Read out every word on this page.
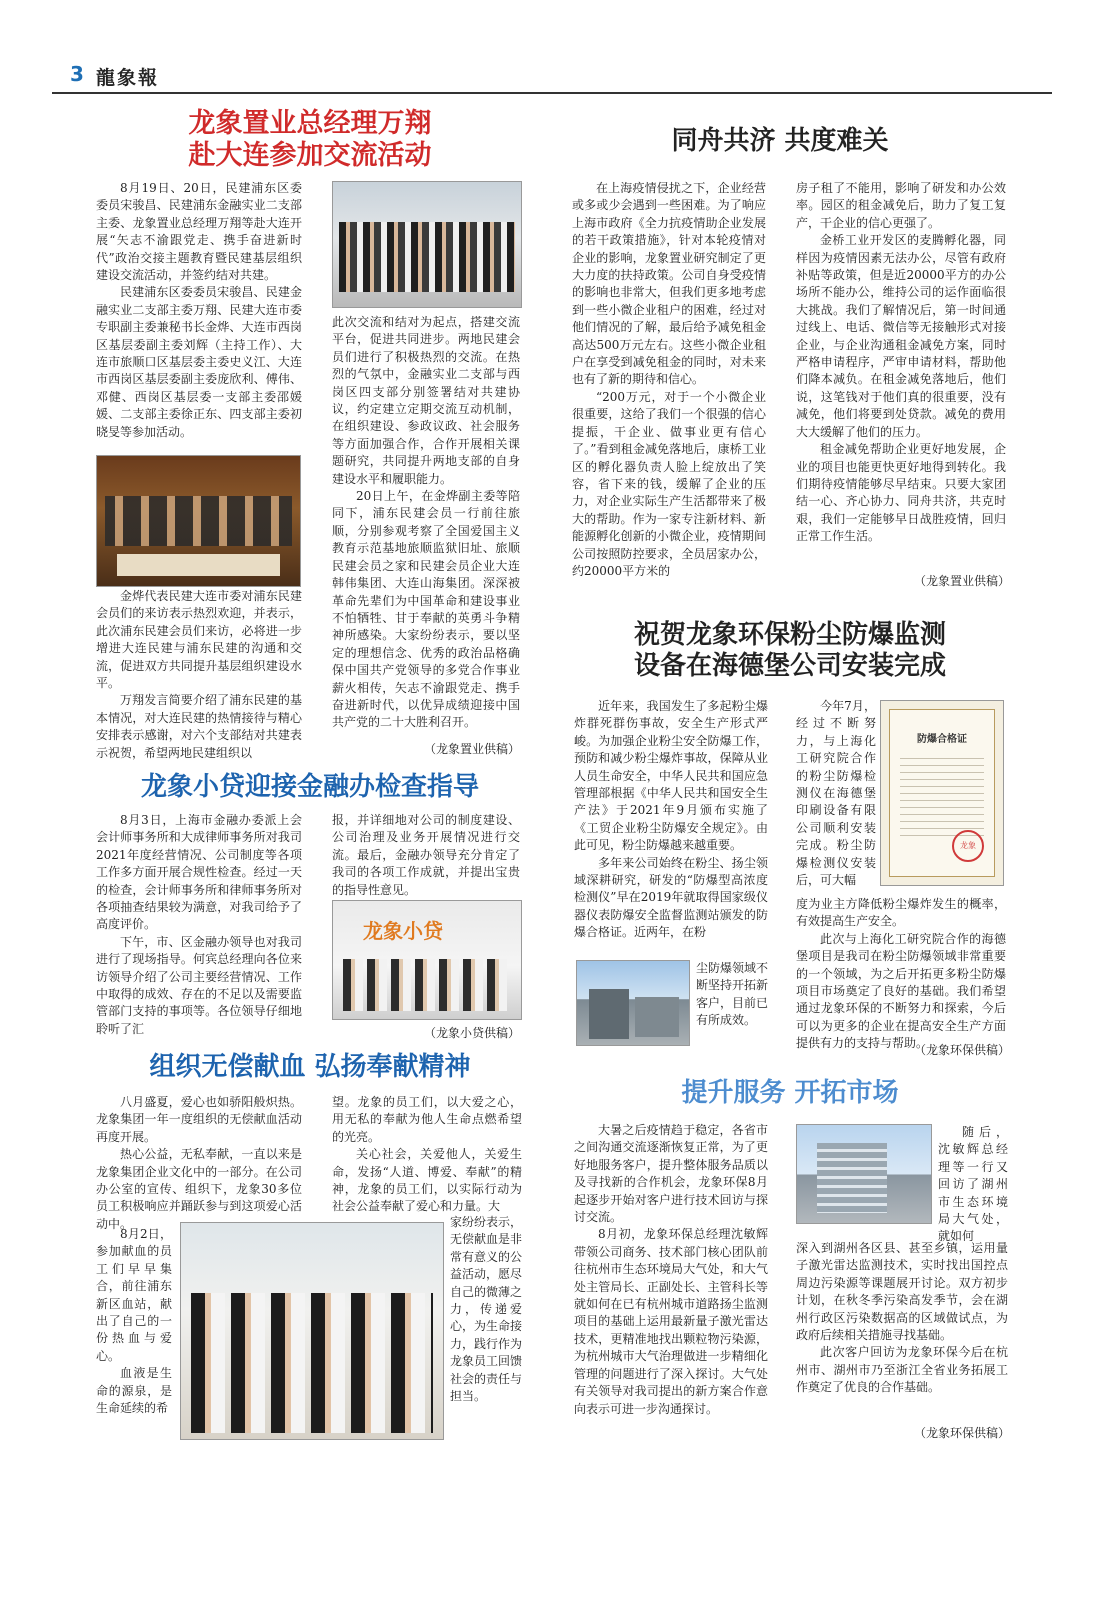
3 龍象報
龙象置业总经理万翔
赴大连参加交流活动

8月19日、20日，民建浦东区委委员宋骏昌、民建浦东金融实业二支部主委、龙象置业总经理万翔等赴大连开展“矢志不渝跟党走、携手奋进新时代”政治交接主题教育暨民建基层组织建设交流活动，并签约结对共建。

民建浦东区委委员宋骏昌、民建金融实业二支部主委万翔、民建大连市委专职副主委兼秘书长金烨、大连市西岗区基层委副主委刘辉（主持工作）、大连市旅顺口区基层委主委史义江、大连市西岗区基层委副主委庞欣利、傅伟、邓健、西岗区基层委一支部主委邵媛媛、二支部主委徐正东、四支部主委初晓旻等参加活动。

金烨代表民建大连市委对浦东民建会员们的来访表示热烈欢迎，并表示，此次浦东民建会员们来访，必将进一步增进大连民建与浦东民建的沟通和交流，促进双方共同提升基层组织建设水平。

万翔发言简要介绍了浦东民建的基本情况，对大连民建的热情接待与精心安排表示感谢，对六个支部结对共建表示祝贺，希望两地民建组织以

此次交流和结对为起点，搭建交流平台，促进共同进步。两地民建会员们进行了积极热烈的交流。在热烈的气氛中，金融实业二支部与西岗区四支部分别签署结对共建协议，约定建立定期交流互动机制，在组织建设、参政议政、社会服务等方面加强合作，合作开展相关课题研究，共同提升两地支部的自身建设水平和履职能力。

20日上午，在金烨副主委等陪同下，浦东民建会员一行前往旅顺，分别参观考察了全国爱国主义教育示范基地旅顺监狱旧址、旅顺民建会员之家和民建会员企业大连韩伟集团、大连山海集团。深深被革命先辈们为中国革命和建设事业不怕牺牲、甘于奉献的英勇斗争精神所感染。大家纷纷表示，要以坚定的理想信念、优秀的政治品格确保中国共产党领导的多党合作事业薪火相传，矢志不渝跟党走、携手奋进新时代，以优异成绩迎接中国共产党的二十大胜利召开。

（龙象置业供稿）

同舟共济 共度难关

在上海疫情侵扰之下，企业经营或多或少会遇到一些困难。为了响应上海市政府《全力抗疫情助企业发展的若干政策措施》，针对本轮疫情对企业的影响，龙象置业研究制定了更大力度的扶持政策。公司自身受疫情的影响也非常大，但我们更多地考虑到一些小微企业租户的困难，经过对他们情况的了解，最后给予减免租金高达500万元左右。这些小微企业租户在享受到减免租金的同时，对未来也有了新的期待和信心。

“200万元，对于一个小微企业很重要，这给了我们一个很强的信心提振，干企业、做事业更有信心了。”看到租金减免落地后，康桥工业区的孵化器负责人脸上绽放出了笑容，省下来的钱，缓解了企业的压力，对企业实际生产生活都带来了极大的帮助。作为一家专注新材料、新能源孵化创新的小微企业，疫情期间公司按照防控要求，全员居家办公，约20000平方米的

房子租了不能用，影响了研发和办公效率。园区的租金减免后，助力了复工复产，干企业的信心更强了。

金桥工业开发区的麦腾孵化器，同样因为疫情因素无法办公，尽管有政府补贴等政策，但是近20000平方的办公场所不能办公，维持公司的运作面临很大挑战。我们了解情况后，第一时间通过线上、电话、微信等无接触形式对接企业，与企业沟通租金减免方案，同时严格申请程序，严审申请材料，帮助他们降本减负。在租金减免落地后，他们说，这笔钱对于他们真的很重要，没有减免，他们将要到处贷款。减免的费用大大缓解了他们的压力。

租金减免帮助企业更好地发展，企业的项目也能更快更好地得到转化。我们期待疫情能够尽早结束。只要大家团结一心、齐心协力、同舟共济，共克时艰，我们一定能够早日战胜疫情，回归正常工作生活。

（龙象置业供稿）

祝贺龙象环保粉尘防爆监测
设备在海德堡公司安装完成

近年来，我国发生了多起粉尘爆炸群死群伤事故，安全生产形式严峻。为加强企业粉尘安全防爆工作，预防和减少粉尘爆炸事故，保障从业人员生命安全，中华人民共和国应急管理部根据《中华人民共和国安全生产法》于2021年9月颁布实施了《工贸企业粉尘防爆安全规定》。由此可见，粉尘防爆越来越重要。

多年来公司始终在粉尘、扬尘领域深耕研究，研发的“防爆型高浓度检测仪”早在2019年就取得国家级仪器仪表防爆安全监督监测站颁发的防爆合格证。近两年，在粉

尘防爆领域不断坚持开拓新客户，目前已有所成效。

今年7月，经过不断努力，与上海化工研究院合作的粉尘防爆检测仪在海德堡印刷设备有限公司顺利安装完成。粉尘防爆检测仪安装后，可大幅

防爆合格证
龙象

度为业主方降低粉尘爆炸发生的概率，有效提高生产安全。

此次与上海化工研究院合作的海德堡项目是我司在粉尘防爆领域非常重要的一个领域，为之后开拓更多粉尘防爆项目市场奠定了良好的基础。我们希望通过龙象环保的不断努力和探索，今后可以为更多的企业在提高安全生产方面提供有力的支持与帮助。

（龙象环保供稿）

龙象小贷迎接金融办检查指导

8月3日，上海市金融办委派上会会计师事务所和大成律师事务所对我司2021年度经营情况、公司制度等各项工作多方面开展合规性检查。经过一天的检查，会计师事务所和律师事务所对各项抽查结果较为满意，对我司给予了高度评价。

下午，市、区金融办领导也对我司进行了现场指导。何宾总经理向各位来访领导介绍了公司主要经营情况、工作中取得的成效、存在的不足以及需要监管部门支持的事项等。各位领导仔细地聆听了汇

报，并详细地对公司的制度建设、公司治理及业务开展情况进行交流。最后，金融办领导充分肯定了我司的各项工作成就，并提出宝贵的指导性意见。

龙象小贷

（龙象小贷供稿）

组织无偿献血 弘扬奉献精神

八月盛夏，爱心也如骄阳般炽热。龙象集团一年一度组织的无偿献血活动再度开展。

热心公益，无私奉献，一直以来是龙象集团企业文化中的一部分。在公司办公室的宣传、组织下，龙象30多位员工积极响应并踊跃参与到这项爱心活动中。

8月2日，参加献血的员工们早早集合，前往浦东新区血站，献出了自己的一份热血与爱心。

血液是生命的源泉，是生命延续的希

望。龙象的员工们，以大爱之心，用无私的奉献为他人生命点燃希望的光亮。

关心社会，关爱他人，关爱生命，发扬“人道、博爱、奉献”的精神，龙象的员工们，以实际行动为社会公益奉献了爱心和力量。大

家纷纷表示，无偿献血是非常有意义的公益活动，愿尽自己的微薄之力，传递爱心，为生命接力，践行作为龙象员工回馈社会的责任与担当。

提升服务 开拓市场

大暑之后疫情趋于稳定，各省市之间沟通交流逐渐恢复正常，为了更好地服务客户，提升整体服务品质以及寻找新的合作机会，龙象环保8月起逐步开始对客户进行技术回访与探讨交流。

8月初，龙象环保总经理沈敏辉带领公司商务、技术部门核心团队前往杭州市生态环境局大气处，和大气处主管局长、正副处长、主管科长等就如何在已有杭州城市道路扬尘监测项目的基础上运用最新量子激光雷达技术，更精准地找出颗粒物污染源，为杭州城市大气治理做进一步精细化管理的问题进行了深入探讨。大气处有关领导对我司提出的新方案合作意向表示可进一步沟通探讨。

随后，沈敏辉总经理等一行又回访了湖州市生态环境局大气处，就如何

深入到湖州各区县、甚至乡镇，运用量子激光雷达监测技术，实时找出国控点周边污染源等课题展开讨论。双方初步计划，在秋冬季污染高发季节，会在湖州行政区污染数据高的区域做试点，为政府后续相关措施寻找基础。

此次客户回访为龙象环保今后在杭州市、湖州市乃至浙江全省业务拓展工作奠定了优良的合作基础。

（龙象环保供稿）
